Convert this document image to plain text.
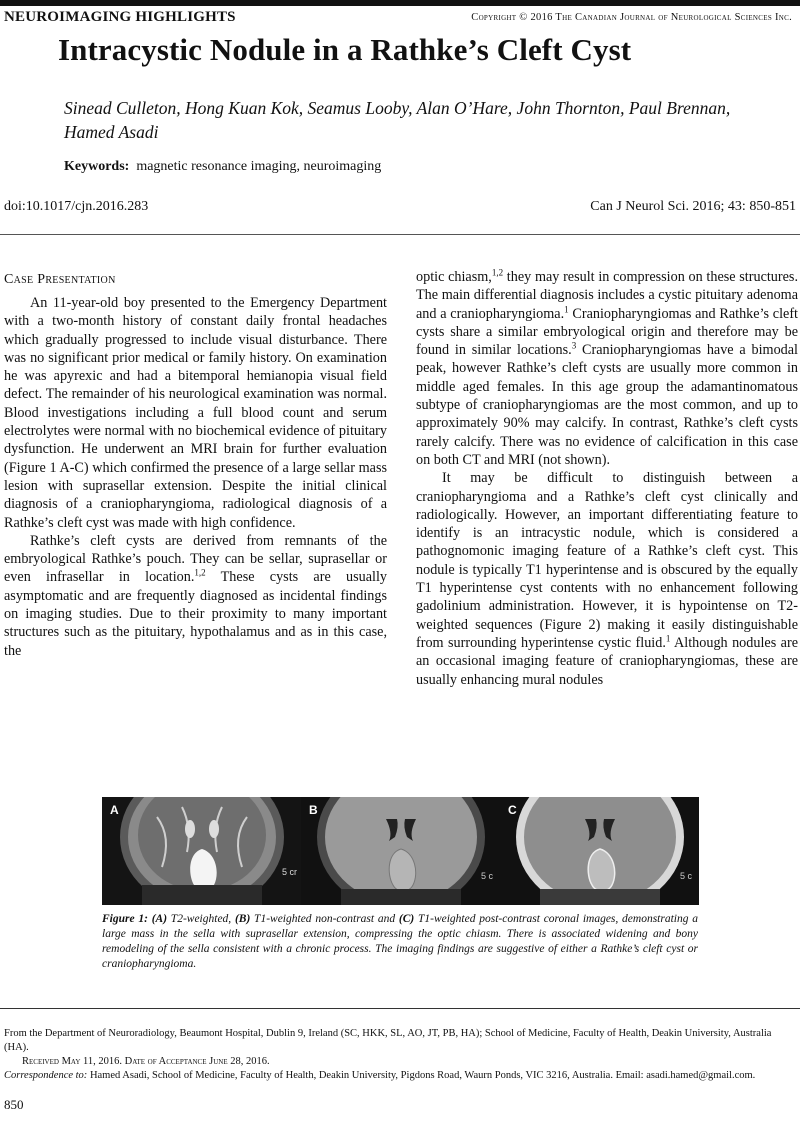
NEUROIMAGING HIGHLIGHTS	Copyright © 2016 The Canadian Journal of Neurological Sciences Inc.
Intracystic Nodule in a Rathke’s Cleft Cyst
Sinead Culleton, Hong Kuan Kok, Seamus Looby, Alan O’Hare, John Thornton, Paul Brennan,
Hamed Asadi
Keywords: magnetic resonance imaging, neuroimaging
doi:10.1017/cjn.2016.283	Can J Neurol Sci. 2016; 43: 850-851
Case Presentation

An 11-year-old boy presented to the Emergency Department with a two-month history of constant daily frontal headaches which gradually progressed to include visual disturbance. There was no significant prior medical or family history. On examination he was apyrexic and had a bitemporal hemianopia visual field defect. The remainder of his neurological examination was normal. Blood investigations including a full blood count and serum electrolytes were normal with no biochemical evidence of pituitary dysfunction. He underwent an MRI brain for further evaluation (Figure 1 A-C) which confirmed the presence of a large sellar mass lesion with suprasellar extension. Despite the initial clinical diagnosis of a craniopharyngioma, radiological diagnosis of a Rathke’s cleft cyst was made with high confidence.

Rathke’s cleft cysts are derived from remnants of the embryological Rathke’s pouch. They can be sellar, suprasellar or even infrasellar in location.$^{1,2}$ These cysts are usually asymptomatic and are frequently diagnosed as incidental findings on imaging studies. Due to their proximity to many important structures such as the pituitary, hypothalamus and as in this case, the

optic chiasm,$^{1,2}$ they may result in compression on these structures. The main differential diagnosis includes a cystic pituitary adenoma and a craniopharyngioma.$^1$ Craniopharyngiomas and Rathke’s cleft cysts share a similar embryological origin and therefore may be found in similar locations.$^3$ Craniopharyngiomas have a bimodal peak, however Rathke’s cleft cysts are usually more common in middle aged females. In this age group the adamantinomatous subtype of craniopharyngiomas are the most common, and up to approximately 90% may calcify. In contrast, Rathke’s cleft cysts rarely calcify. There was no evidence of calcification in this case on both CT and MRI (not shown).

It may be difficult to distinguish between a craniopharyngioma and a Rathke’s cleft cyst clinically and radiologically. However, an important differentiating feature to identify is an intracystic nodule, which is considered a pathognomonic imaging feature of a Rathke’s cleft cyst. This nodule is typically T1 hyperintense and is obscured by the equally T1 hyperintense cyst contents with no enhancement following gadolinium administration. However, it is hypointense on T2-weighted sequences (Figure 2) making it easily distinguishable from surrounding hyperintense cystic fluid.$^1$ Although nodules are an occasional imaging feature of craniopharyngiomas, these are usually enhancing mural nodules

5 cr
A
5 c
B
5 c
C
Figure 1: (A) T2-weighted, (B) T1-weighted non-contrast and (C) T1-weighted post-contrast coronal images, demonstrating a large mass in the sella with suprasellar extension, compressing the optic chiasm. There is associated widening and bony remodeling of the sella consistent with a chronic process. The imaging findings are suggestive of either a Rathke’s cleft cyst or craniopharyngioma.
From the Department of Neuroradiology, Beaumont Hospital, Dublin 9, Ireland (SC, HKK, SL, AO, JT, PB, HA); School of Medicine, Faculty of Health, Deakin University, Australia (HA).
Received May 11, 2016. Date of Acceptance June 28, 2016.
Correspondence to: Hamed Asadi, School of Medicine, Faculty of Health, Deakin University, Pigdons Road, Waurn Ponds, VIC 3216, Australia. Email: asadi.hamed@gmail.com.
850
